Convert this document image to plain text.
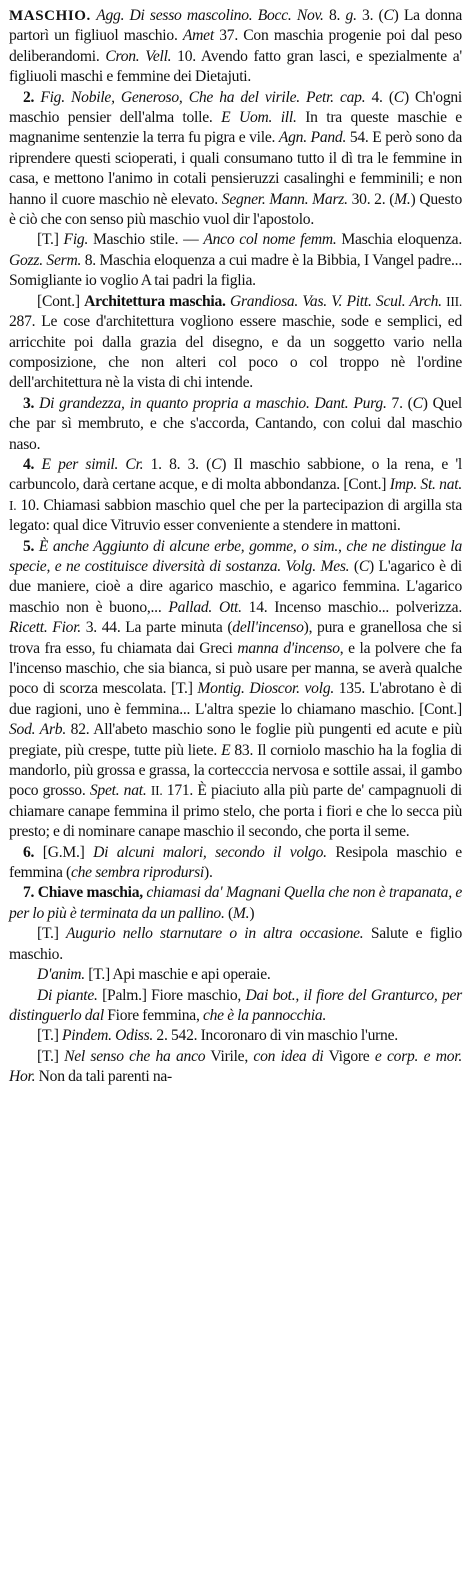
MASCHIO. Agg. Di sesso mascolino. Bocc. Nov. 8. g. 3. (C) La donna partorì un figliuol maschio. Amet 37. Con maschia progenie poi dal peso deliberandomi. Cron. Vell. 10. Avendo fatto gran lasci, e spezialmente a' figliuoli maschi e femmine dei Dietajuti.

2. Fig. Nobile, Generoso, Che ha del virile. Petr. cap. 4. (C) Ch'ogni maschio pensier dell'alma tolle. E Uom. ill. In tra queste maschie e magnanime sentenzie la terra fu pigra e vile. Agn. Pand. 54. E però sono da riprendere questi scioperati, i quali consumano tutto il dì tra le femmine in casa, e mettono l'animo in cotali pensieruzzi casalinghi e femminili; e non hanno il cuore maschio nè elevato. Segner. Mann. Marz. 30. 2. (M.) Questo è ciò che con senso più maschio vuol dir l'apostolo.

[T.] Fig. Maschio stile. — Anco col nome femm. Maschia eloquenza. Gozz. Serm. 8. Maschia eloquenza a cui madre è la Bibbia, I Vangel padre... Somigliante io voglio A tai padri la figlia.

[Cont.] Architettura maschia. Grandiosa. Vas. V. Pitt. Scul. Arch. III. 287. Le cose d'architettura vogliono essere maschie, sode e semplici, ed arricchite poi dalla grazia del disegno, e da un soggetto vario nella composizione, che non alteri col poco o col troppo nè l'ordine dell'architettura nè la vista di chi intende.

3. Di grandezza, in quanto propria a maschio. Dant. Purg. 7. (C) Quel che par sì membruto, e che s'accorda, Cantando, con colui dal maschio naso.

4. E per simil. Cr. 1. 8. 3. (C) Il maschio sabbione, o la rena, e 'l carbuncolo, darà certane acque, e di molta abbondanza. [Cont.] Imp. St. nat. I. 10. Chiamasi sabbion maschio quel che per la partecipazion di argilla sta legato: qual dice Vitruvio esser conveniente a stendere in mattoni.

5. È anche Aggiunto di alcune erbe, gomme, o sim., che ne distingue la specie, e ne costituisce diversità di sostanza. Volg. Mes. (C) L'agarico è di due maniere, cioè a dire agarico maschio, e agarico femmina. L'agarico maschio non è buono,... Pallad. Ott. 14. Incenso maschio... polverizza. Ricett. Fior. 3. 44. La parte minuta (dell'incenso), pura e granellosa che si trova fra esso, fu chiamata dai Greci manna d'incenso, e la polvere che fa l'incenso maschio, che sia bianca, si può usare per manna, se averà qualche poco di scorza mescolata. [T.] Montig. Dioscor. volg. 135. L'abrotano è di due ragioni, uno è femmina... L'altra spezie lo chiamano maschio. [Cont.] Sod. Arb. 82. All'abeto maschio sono le foglie più pungenti ed acute e più pregiate, più crespe, tutte più liete. E 83. Il corniolo maschio ha la foglia di mandorlo, più grossa e grassa, la cortecccia nervosa e sottile assai, il gambo poco grosso. Spet. nat. II. 171. È piaciuto alla più parte de' campagnuoli di chiamare canape femmina il primo stelo, che porta i fiori e che lo secca più presto; e di nominare canape maschio il secondo, che porta il seme.

6. [G.M.] Di alcuni malori, secondo il volgo. Resipola maschio e femmina (che sembra riprodursi).

7. Chiave maschia, chiamasi da' Magnani Quella che non è trapanata, e per lo più è terminata da un pallino. (M.)

[T.] Augurio nello starnutare o in altra occasione. Salute e figlio maschio.

D'anim. [T.] Api maschie e api operaie.

Di piante. [Palm.] Fiore maschio, Dai bot., il fiore del Granturco, per distinguerlo dal Fiore femmina, che è la pannocchia.

[T.] Pindem. Odiss. 2. 542. Incoronaro di vin maschio l'urne.

[T.] Nel senso che ha anco Virile, con idea di Vigore e corp. e mor. Hor. Non da tali parenti na-
